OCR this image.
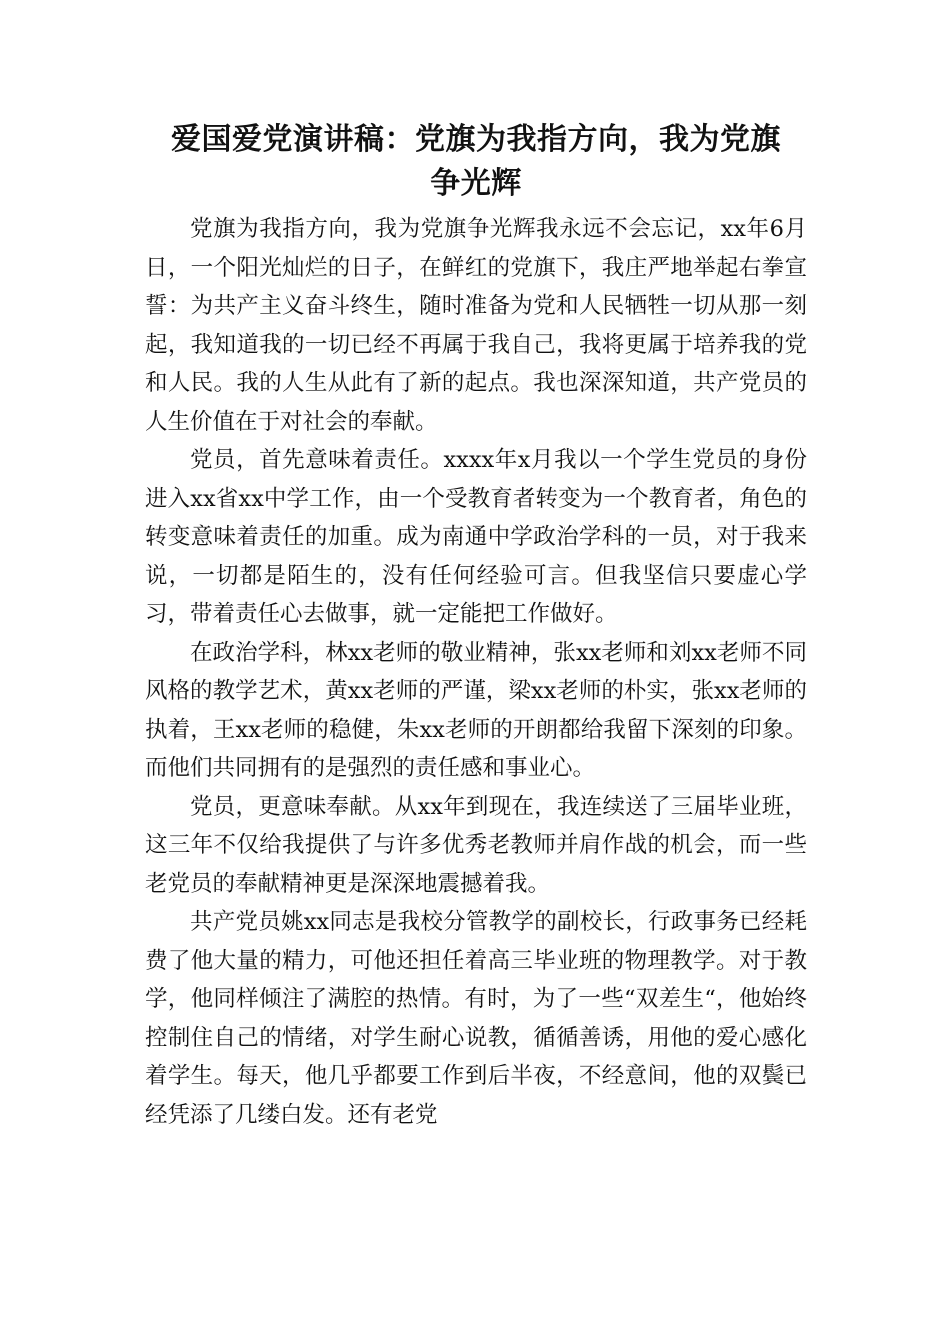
爱国爱党演讲稿：党旗为我指方向，我为党旗
争光辉

党旗为我指方向，我为党旗争光辉我永远不会忘记，xx年6月日，一个阳光灿烂的日子，在鲜红的党旗下，我庄严地举起右拳宣誓：为共产主义奋斗终生，随时准备为党和人民牺牲一切从那一刻起，我知道我的一切已经不再属于我自己，我将更属于培养我的党和人民。我的人生从此有了新的起点。我也深深知道，共产党员的人生价值在于对社会的奉献。

党员，首先意味着责任。xxxx年x月我以一个学生党员的身份进入xx省xx中学工作，由一个受教育者转变为一个教育者，角色的转变意味着责任的加重。成为南通中学政治学科的一员，对于我来说，一切都是陌生的，没有任何经验可言。但我坚信只要虚心学习，带着责任心去做事，就一定能把工作做好。

在政治学科，林xx老师的敬业精神，张xx老师和刘xx老师不同风格的教学艺术，黄xx老师的严谨，梁xx老师的朴实，张xx老师的执着，王xx老师的稳健，朱xx老师的开朗都给我留下深刻的印象。而他们共同拥有的是强烈的责任感和事业心。

党员，更意味奉献。从xx年到现在，我连续送了三届毕业班，这三年不仅给我提供了与许多优秀老教师并肩作战的机会，而一些老党员的奉献精神更是深深地震撼着我。

共产党员姚xx同志是我校分管教学的副校长，行政事务已经耗费了他大量的精力，可他还担任着高三毕业班的物理教学。对于教学，他同样倾注了满腔的热情。有时，为了一些“双差生“，他始终控制住自己的情绪，对学生耐心说教，循循善诱，用他的爱心感化着学生。每天，他几乎都要工作到后半夜，不经意间，他的双鬓已经凭添了几缕白发。还有老党
